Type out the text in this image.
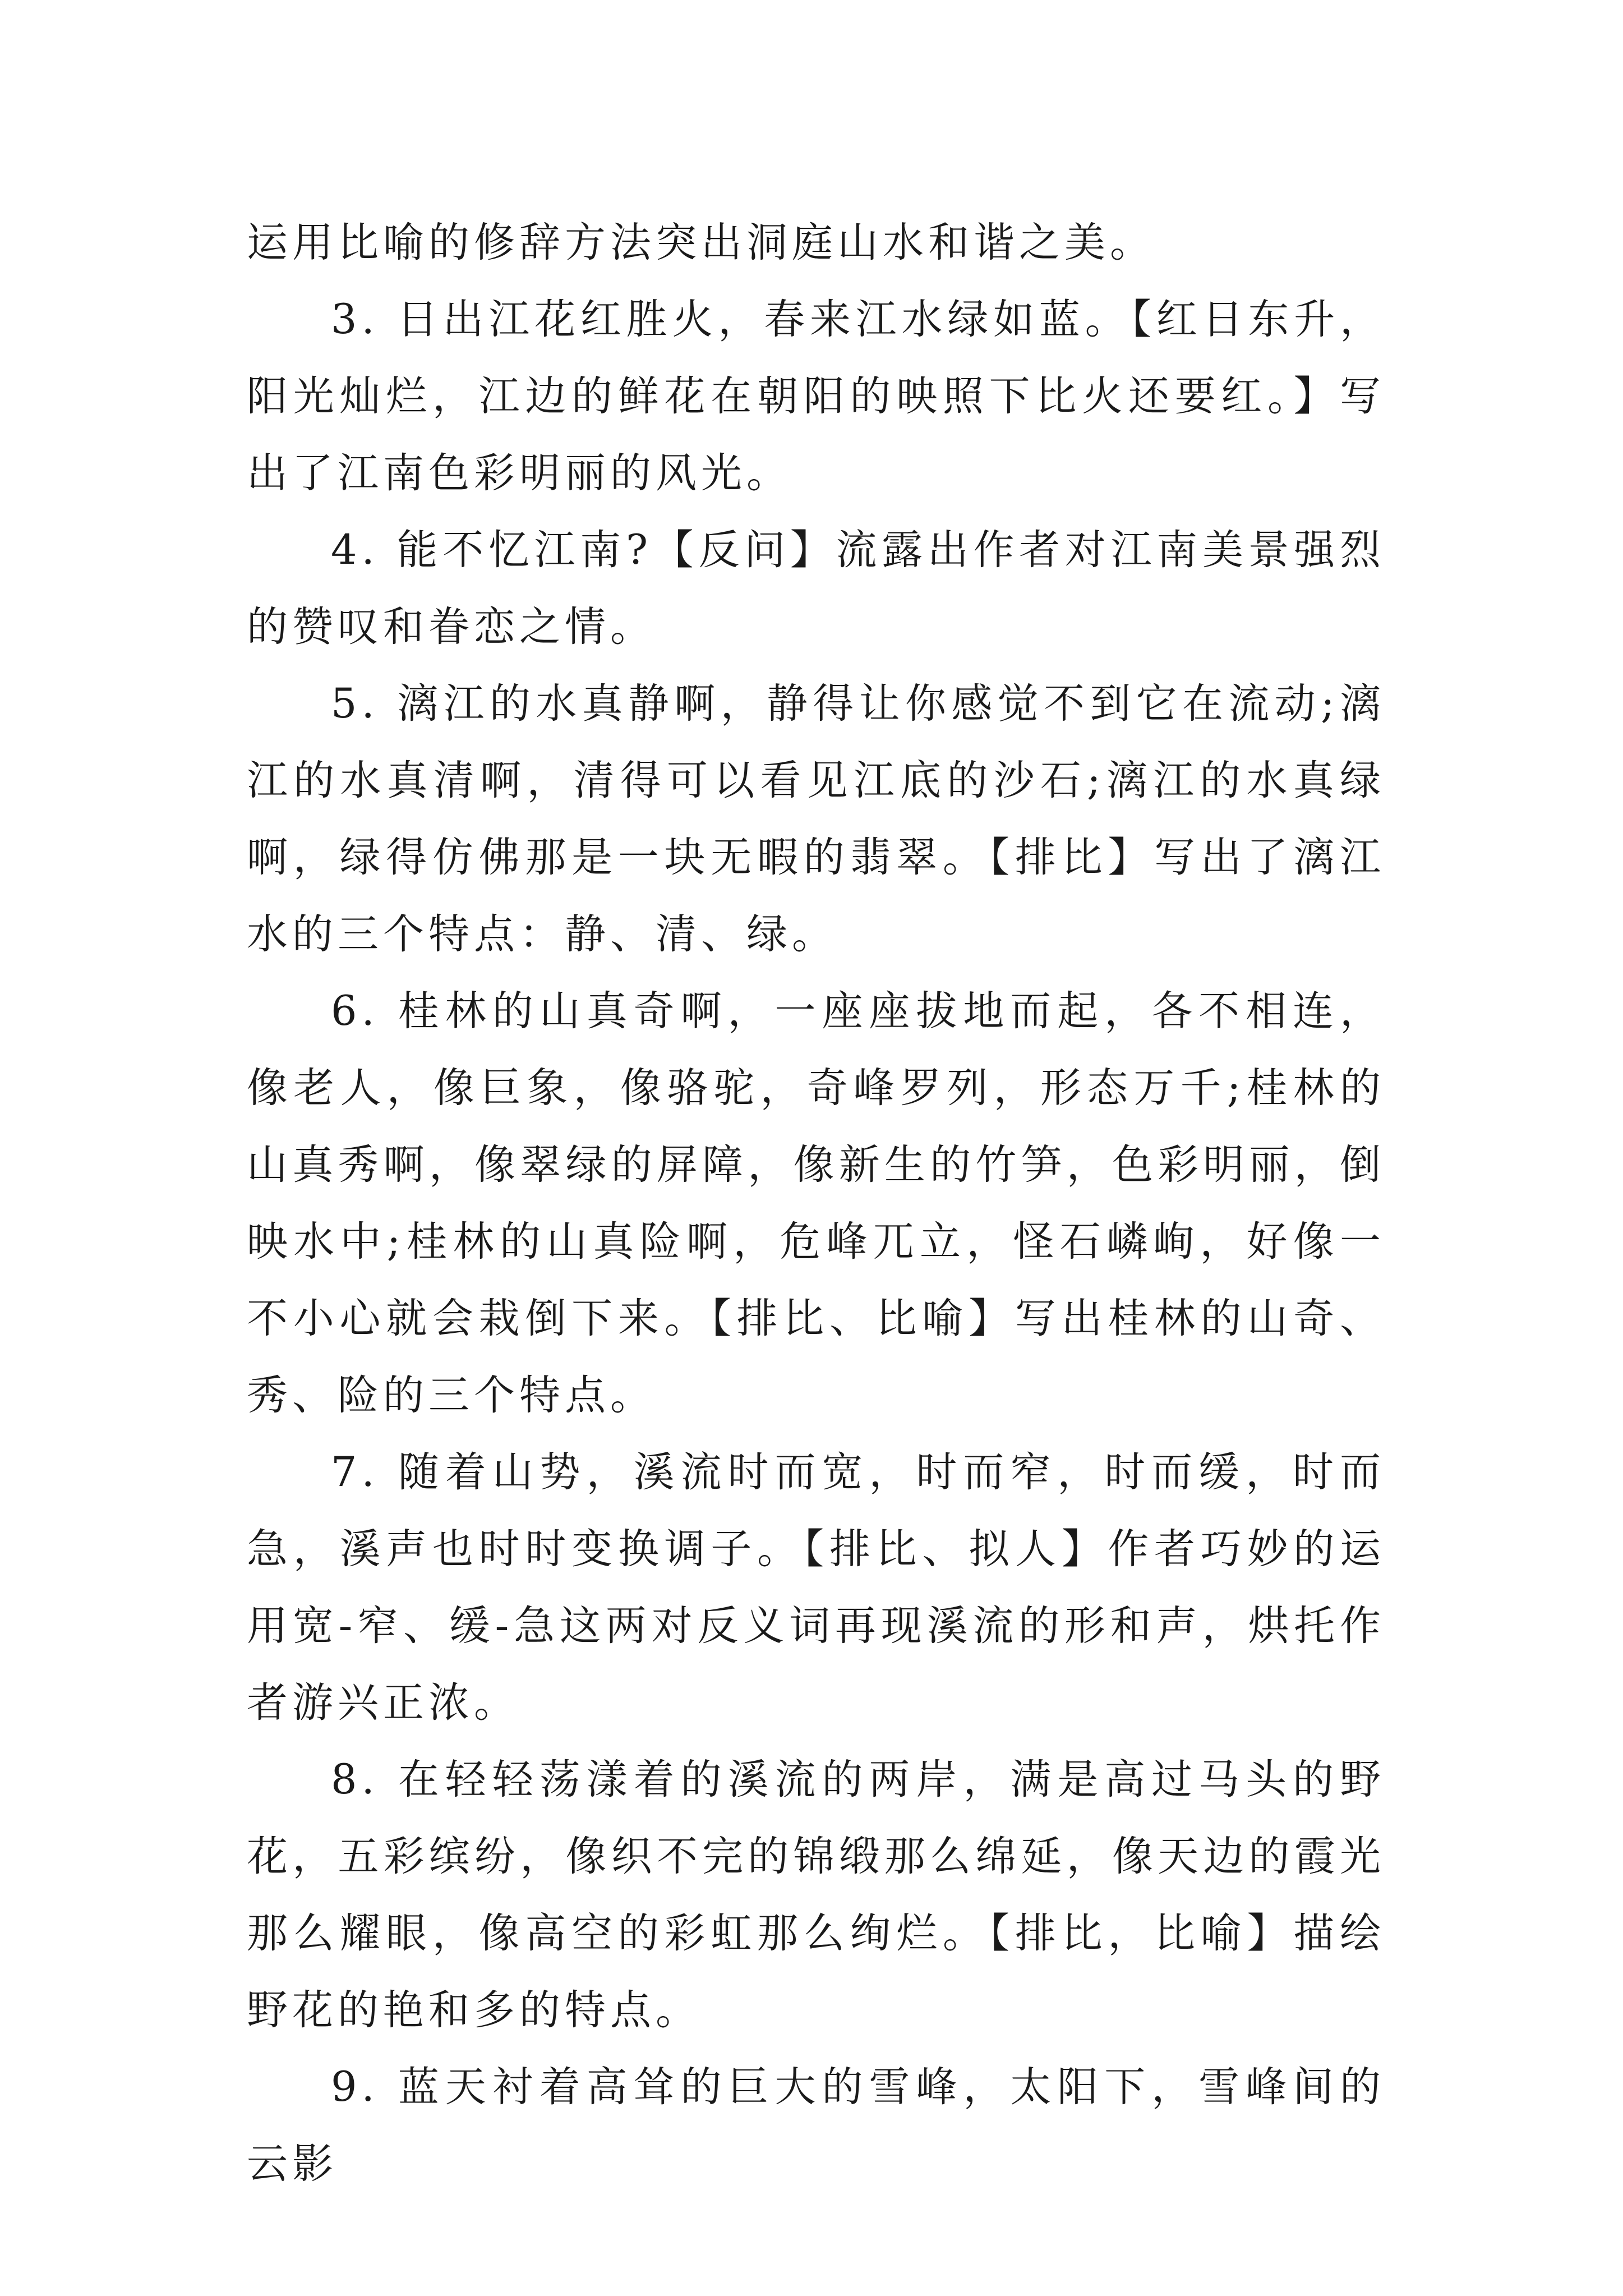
运用比喻的修辞方法突出洞庭山水和谐之美。

3. 日出江花红胜火，春来江水绿如蓝。【红日东升，阳光灿烂，江边的鲜花在朝阳的映照下比火还要红。】写出了江南色彩明丽的风光。

4. 能不忆江南?【反问】流露出作者对江南美景强烈的赞叹和眷恋之情。

5. 漓江的水真静啊，静得让你感觉不到它在流动;漓江的水真清啊，清得可以看见江底的沙石;漓江的水真绿啊，绿得仿佛那是一块无暇的翡翠。【排比】写出了漓江水的三个特点：静、清、绿。

6. 桂林的山真奇啊，一座座拔地而起，各不相连，像老人，像巨象，像骆驼，奇峰罗列，形态万千;桂林的山真秀啊，像翠绿的屏障，像新生的竹笋，色彩明丽，倒映水中;桂林的山真险啊，危峰兀立，怪石嶙峋，好像一不小心就会栽倒下来。【排比、比喻】写出桂林的山奇、秀、险的三个特点。

7. 随着山势，溪流时而宽，时而窄，时而缓，时而急，溪声也时时变换调子。【排比、拟人】作者巧妙的运用宽-窄、缓-急这两对反义词再现溪流的形和声，烘托作者游兴正浓。

8. 在轻轻荡漾着的溪流的两岸，满是高过马头的野花，五彩缤纷，像织不完的锦缎那么绵延，像天边的霞光那么耀眼，像高空的彩虹那么绚烂。【排比，比喻】描绘野花的艳和多的特点。

9. 蓝天衬着高耸的巨大的雪峰，太阳下，雪峰间的云影
